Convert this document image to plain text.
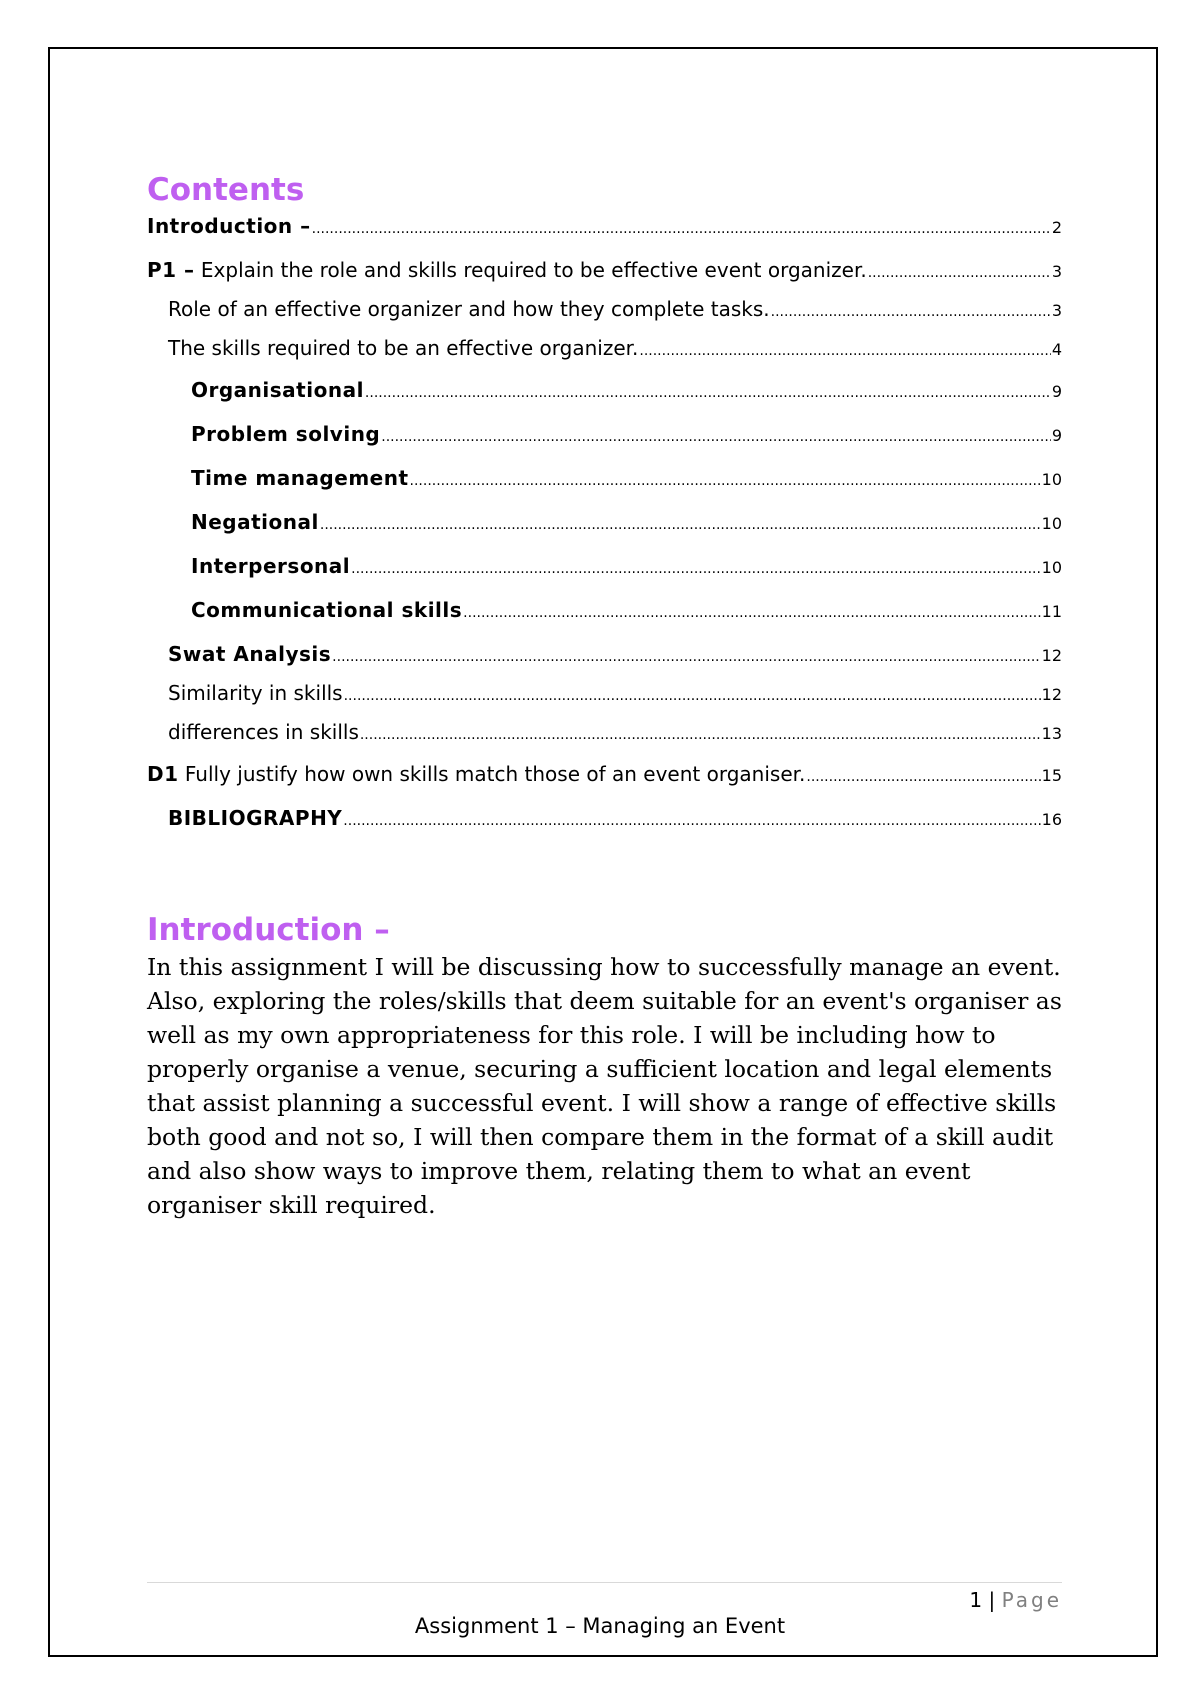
Contents
Introduction – .....	2
P1 – Explain the role and skills required to be effective event organizer. .....	3
Role of an effective organizer and how they complete tasks. .....	3
The skills required to be an effective organizer. .....	4
Organisational .....	9
Problem solving .....	9
Time management .....	10
Negational .....	10
Interpersonal .....	10
Communicational skills .....	11
Swat Analysis .....	12
Similarity in skills .....	12
differences in skills .....	13
D1 Fully justify how own skills match those of an event organiser. .....	15
BIBLIOGRAPHY .....	16
Introduction –

In this assignment I will be discussing how to successfully manage an event. Also, exploring the roles/skills that deem suitable for an event's organiser as well as my own appropriateness for this role. I will be including how to properly organise a venue, securing a sufficient location and legal elements that assist planning a successful event. I will show a range of effective skills both good and not so, I will then compare them in the format of a skill audit and also show ways to improve them, relating them to what an event organiser skill required.

1 | Page
Assignment 1 – Managing an Event
